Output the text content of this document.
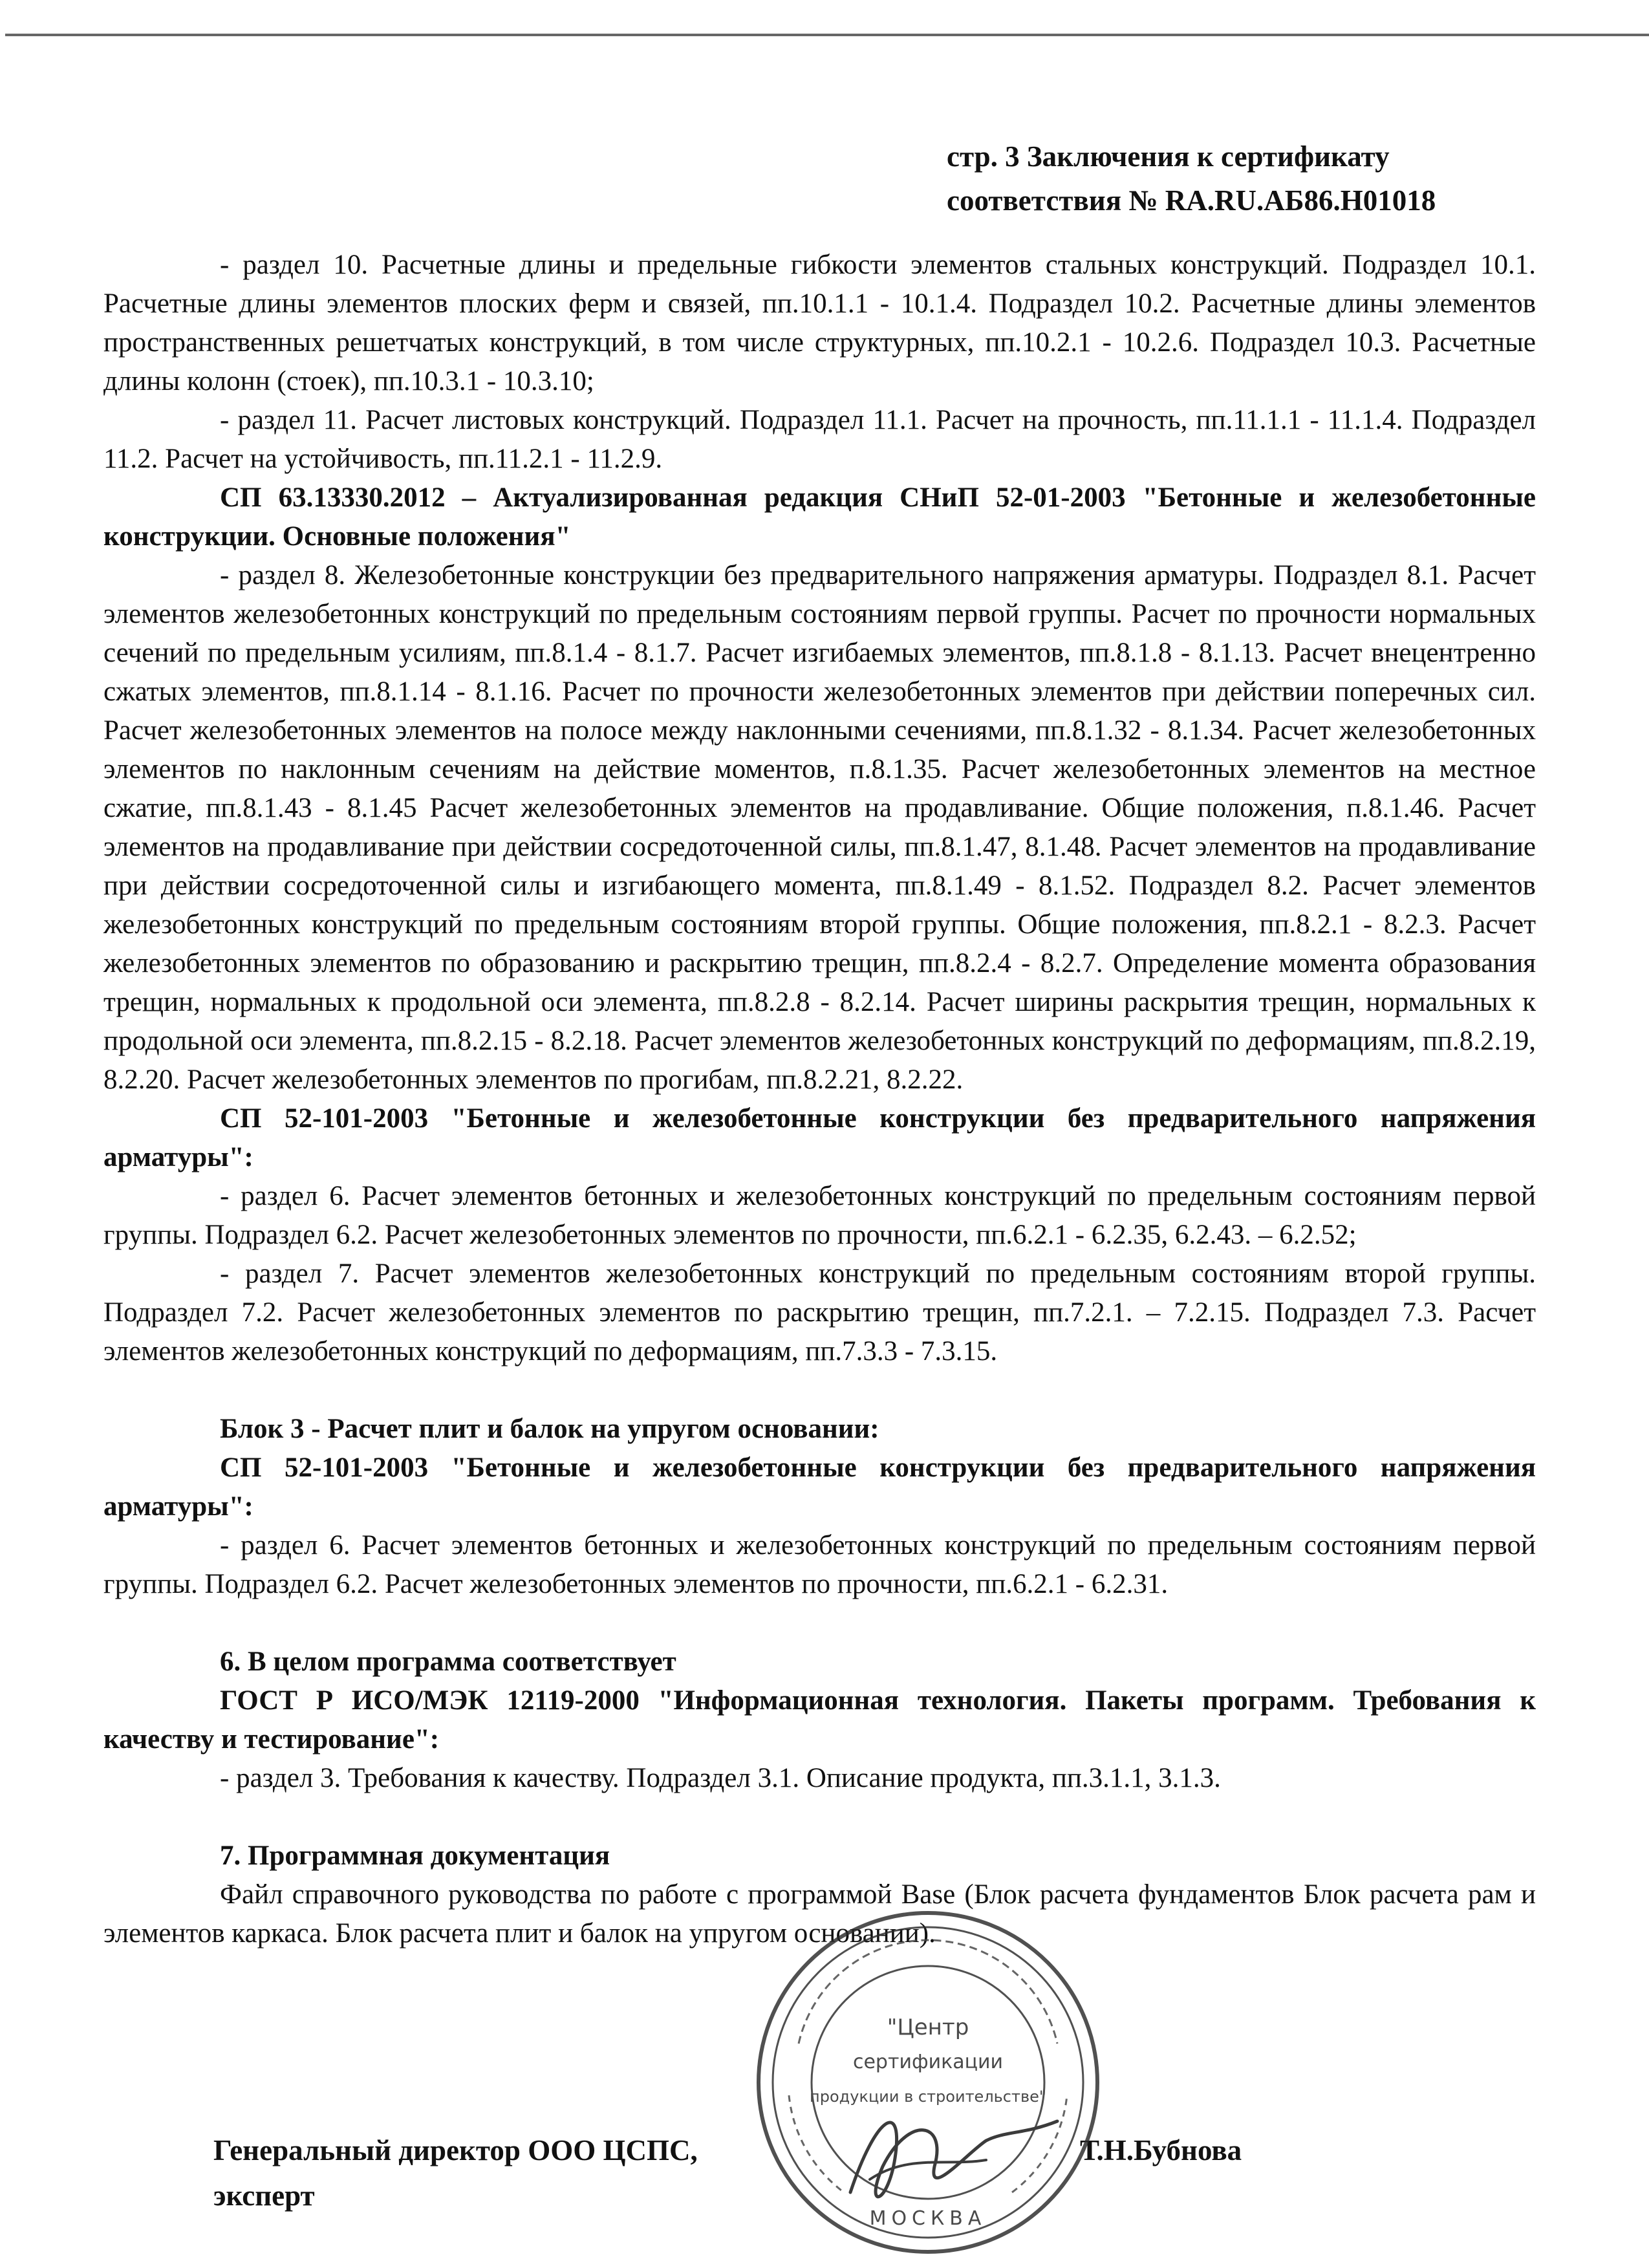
стр. 3 Заключения к сертификату
соответствия № RA.RU.АБ86.Н01018

- раздел 10. Расчетные длины и предельные гибкости элементов стальных конструкций. Подраздел 10.1. Расчетные длины элементов плоских ферм и связей, пп.10.1.1 - 10.1.4. Подраздел 10.2. Расчетные длины элементов пространственных решетчатых конструкций, в том числе структурных, пп.10.2.1 - 10.2.6. Подраздел 10.3. Расчетные длины колонн (стоек), пп.10.3.1 - 10.3.10;

- раздел 11. Расчет листовых конструкций. Подраздел 11.1. Расчет на прочность, пп.11.1.1 - 11.1.4. Подраздел 11.2. Расчет на устойчивость, пп.11.2.1 - 11.2.9.

СП 63.13330.2012 – Актуализированная редакция СНиП 52-01-2003 "Бетонные и железобетонные конструкции. Основные положения"

- раздел 8. Железобетонные конструкции без предварительного напряжения арматуры. Подраздел 8.1. Расчет элементов железобетонных конструкций по предельным состояниям первой группы. Расчет по прочности нормальных сечений по предельным усилиям, пп.8.1.4 - 8.1.7. Расчет изгибаемых элементов, пп.8.1.8 - 8.1.13. Расчет внецентренно сжатых элементов, пп.8.1.14 - 8.1.16. Расчет по прочности железобетонных элементов при действии поперечных сил. Расчет железобетонных элементов на полосе между наклонными сечениями, пп.8.1.32 - 8.1.34. Расчет железобетонных элементов по наклонным сечениям на действие моментов, п.8.1.35. Расчет железобетонных элементов на местное сжатие, пп.8.1.43 - 8.1.45 Расчет железобетонных элементов на продавливание. Общие положения, п.8.1.46. Расчет элементов на продавливание при действии сосредоточенной силы, пп.8.1.47, 8.1.48. Расчет элементов на продавливание при действии сосредоточенной силы и изгибающего момента, пп.8.1.49 - 8.1.52. Подраздел 8.2. Расчет элементов железобетонных конструкций по предельным состояниям второй группы. Общие положения, пп.8.2.1 - 8.2.3. Расчет железобетонных элементов по образованию и раскрытию трещин, пп.8.2.4 - 8.2.7. Определение момента образования трещин, нормальных к продольной оси элемента, пп.8.2.8 - 8.2.14. Расчет ширины раскрытия трещин, нормальных к продольной оси элемента, пп.8.2.15 - 8.2.18. Расчет элементов железобетонных конструкций по деформациям, пп.8.2.19, 8.2.20. Расчет железобетонных элементов по прогибам, пп.8.2.21, 8.2.22.

СП 52-101-2003 "Бетонные и железобетонные конструкции без предварительного напряжения арматуры":

- раздел 6. Расчет элементов бетонных и железобетонных конструкций по предельным состояниям первой группы. Подраздел 6.2. Расчет железобетонных элементов по прочности, пп.6.2.1 - 6.2.35, 6.2.43. – 6.2.52;

- раздел 7. Расчет элементов железобетонных конструкций по предельным состояниям второй группы. Подраздел 7.2. Расчет железобетонных элементов по раскрытию трещин, пп.7.2.1. – 7.2.15. Подраздел 7.3. Расчет элементов железобетонных конструкций по деформациям, пп.7.3.3 - 7.3.15.

Блок 3 - Расчет плит и балок на упругом основании:

СП 52-101-2003 "Бетонные и железобетонные конструкции без предварительного напряжения арматуры":

- раздел 6. Расчет элементов бетонных и железобетонных конструкций по предельным состояниям первой группы. Подраздел 6.2. Расчет железобетонных элементов по прочности, пп.6.2.1 - 6.2.31.

6. В целом программа соответствует

ГОСТ Р ИСО/МЭК 12119-2000 "Информационная технология. Пакеты программ. Требования к качеству и тестирование":

- раздел 3. Требования к качеству. Подраздел 3.1. Описание продукта, пп.3.1.1, 3.1.3.

7. Программная документация

Файл справочного руководства по работе с программой Base (Блок расчета фундаментов Блок расчета рам и элементов каркаса. Блок расчета плит и балок на упругом основании).

Генеральный директор ООО ЦСПС,
эксперт
Т.Н.Бубнова
"Центр
сертификации
продукции в строительстве"
МОСКВА
